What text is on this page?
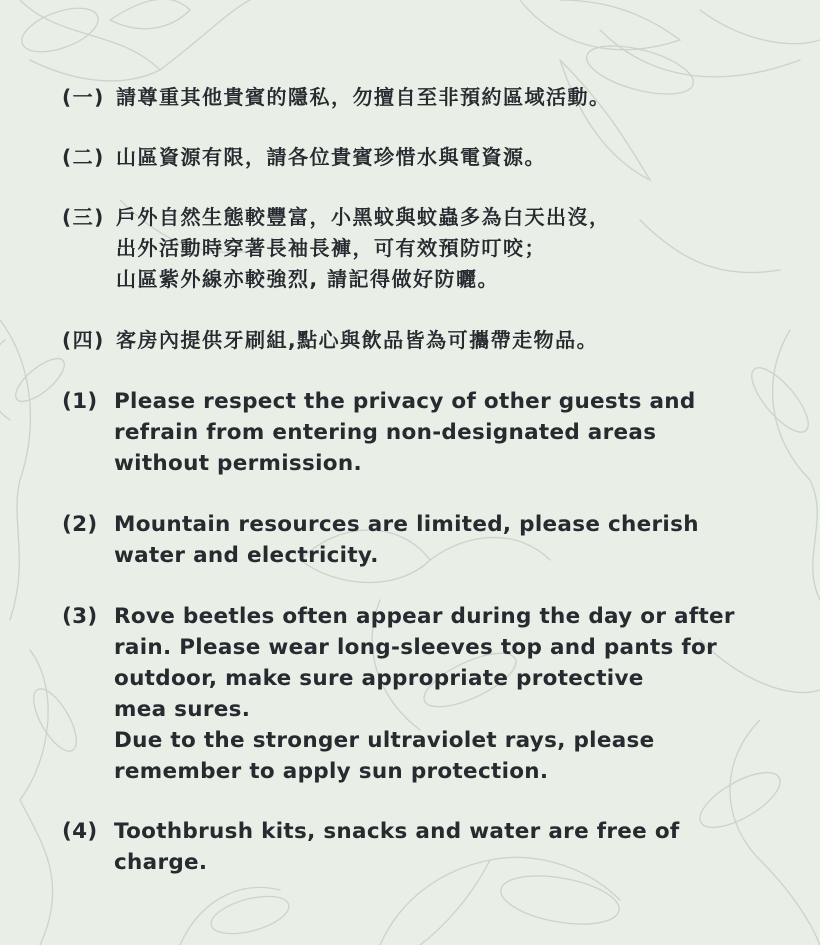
(一) 請尊重其他貴賓的隱私，勿擅自至非預約區域活動。
(二) 山區資源有限，請各位貴賓珍惜水與電資源。
(三) 戶外自然生態較豐富，小黑蚊與蚊蟲多為白天出沒，
出外活動時穿著長袖長褲，可有效預防叮咬；
山區紫外線亦較強烈, 請記得做好防曬。
(四) 客房內提供牙刷組,點心與飲品皆為可攜帶走物品。
(1) Please respect the privacy of other guests and
refrain from entering non-designated areas
without permission.
(2) Mountain resources are limited, please cherish
water and electricity.
(3) Rove beetles often appear during the day or after
rain. Please wear long-sleeves top and pants for
outdoor, make sure appropriate protective
mea sures.
Due to the stronger ultraviolet rays, please
remember to apply sun protection.
(4) Toothbrush kits, snacks and water are free of
charge.
